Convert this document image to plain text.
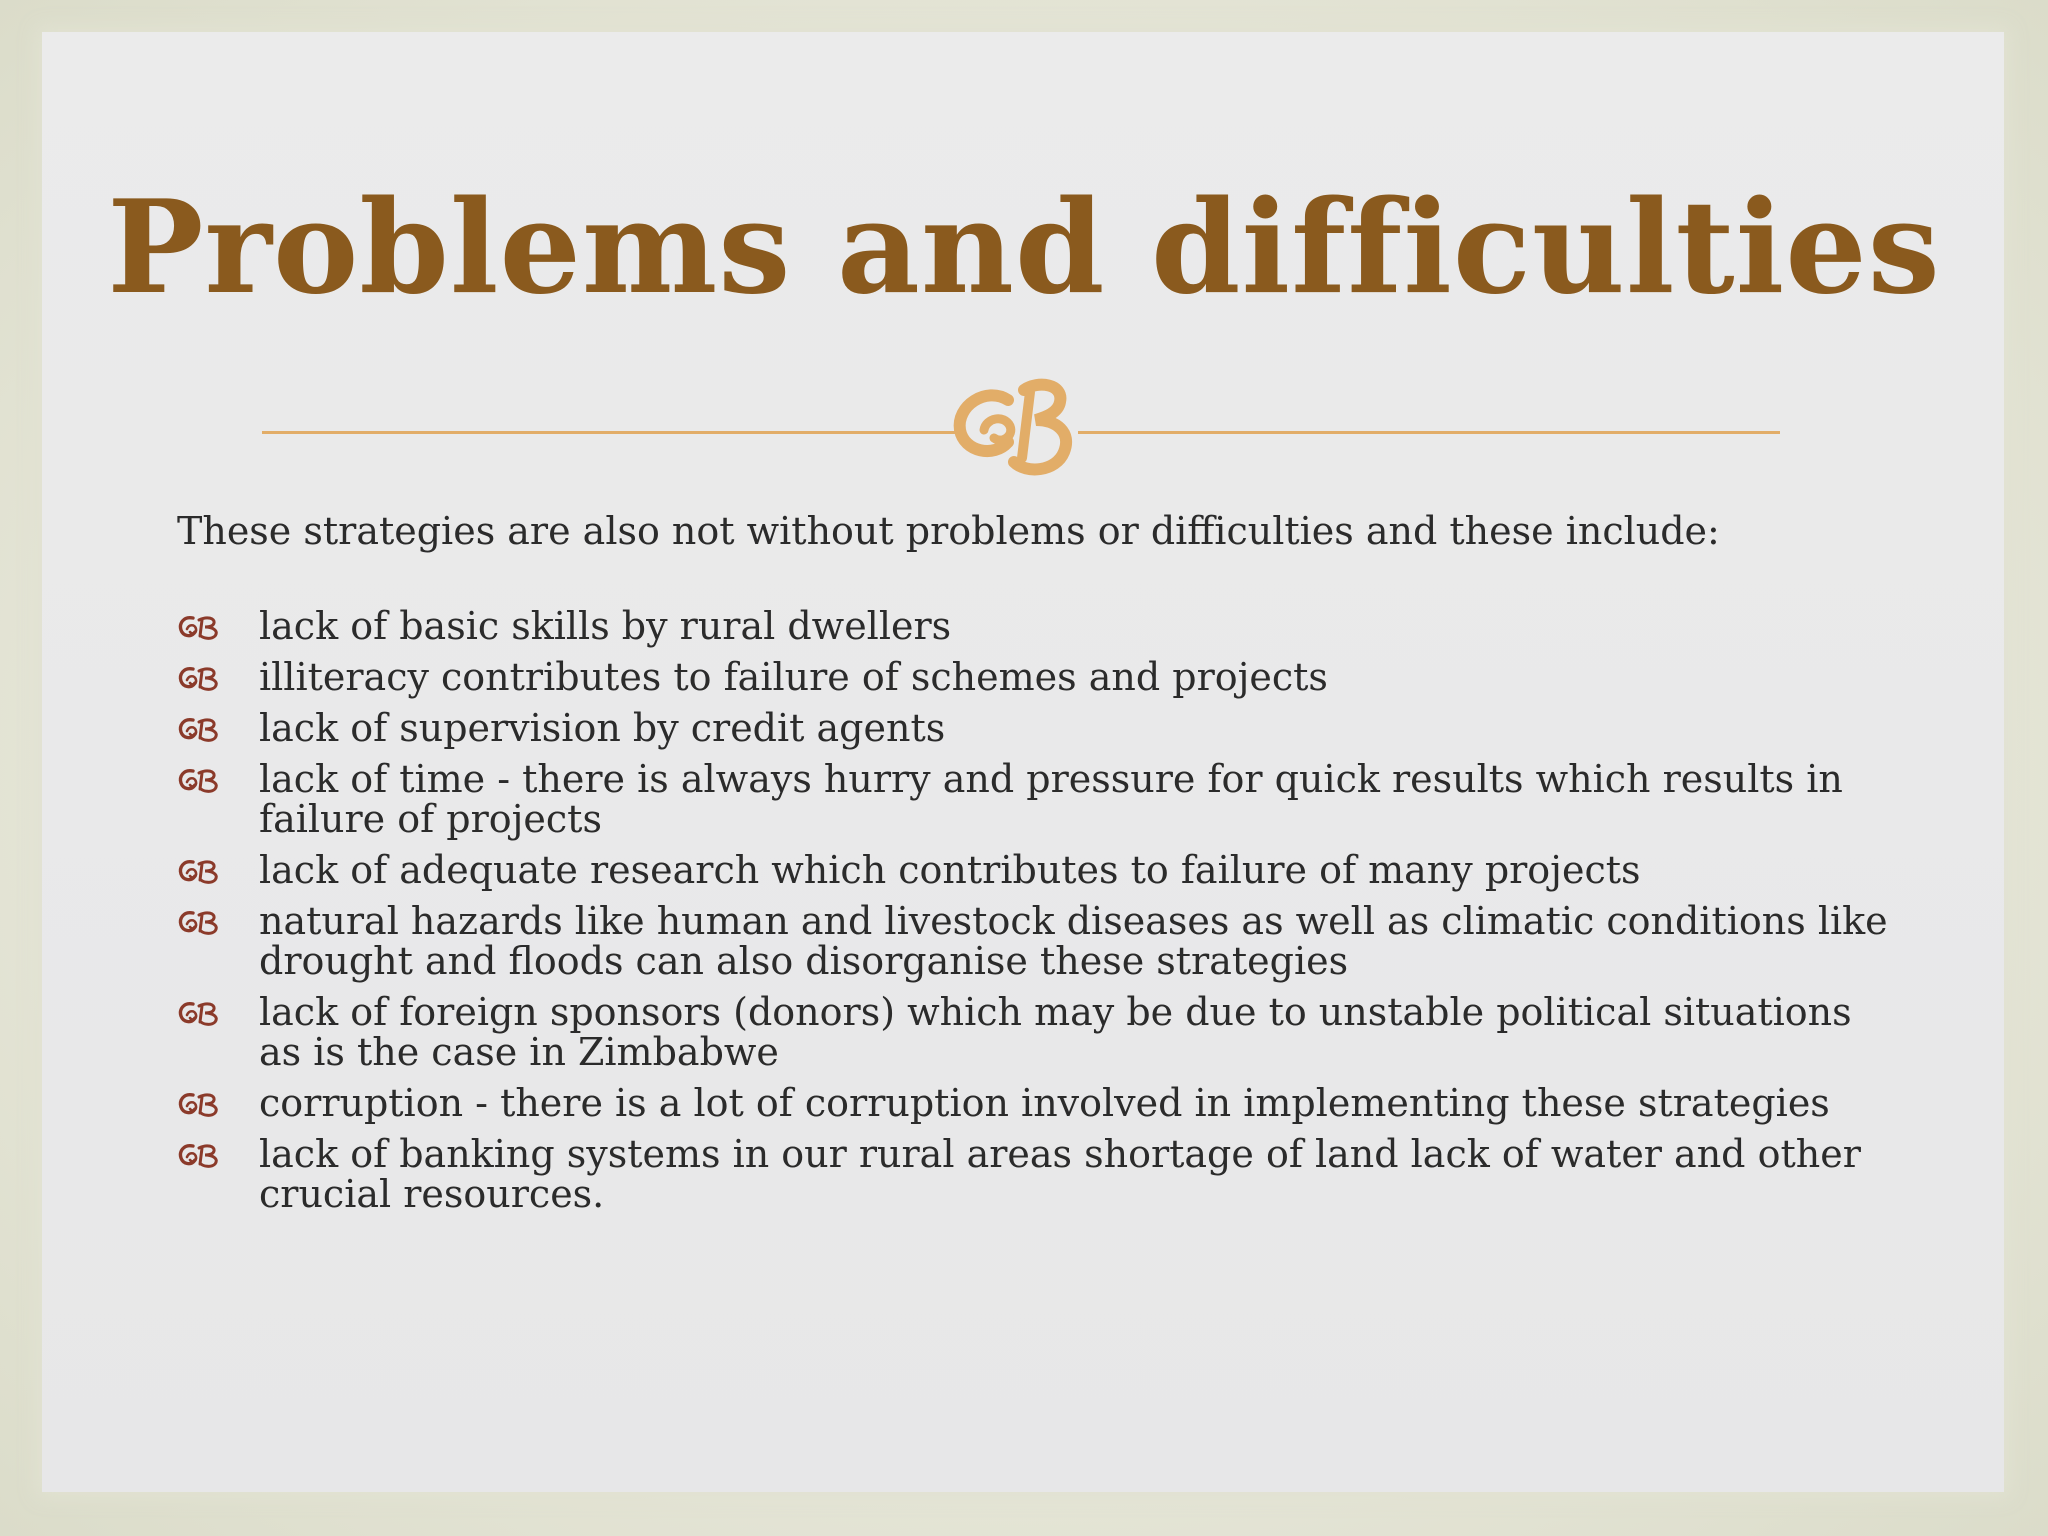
Problems and difficulties
These strategies are also not without problems or difficulties and these include:
lack of basic skills by rural dwellers
illiteracy contributes to failure of schemes and projects
lack of supervision by credit agents
lack of time - there is always hurry and pressure for quick results which results in failure of projects
lack of adequate research which contributes to failure of many projects
natural hazards like human and livestock diseases as well as climatic conditions like drought and floods can also disorganise these strategies
lack of foreign sponsors (donors) which may be due to unstable political situations as is the case in Zimbabwe
corruption - there is a lot of corruption involved in implementing these strategies
lack of banking systems in our rural areas shortage of land lack of water and other crucial resources.
